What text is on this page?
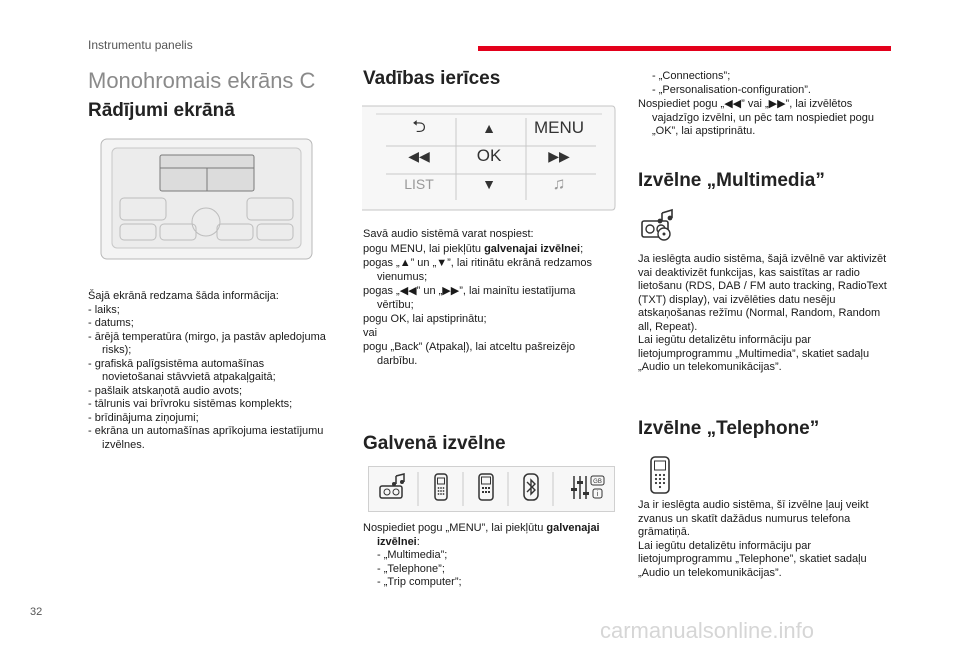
Instrumentu panelis
Monohromais ekrāns C
Rādījumi ekrānā

Šajā ekrānā redzama šāda informācija:

- laiks;

- datums;

- ārējā temperatūra (mirgo, ja pastāv apledojuma risks);

- grafiskā palīgsistēma automašīnas novietošanai stāvvietā atpakaļgaitā;

- pašlaik atskaņotā audio avots;

- tālrunis vai brīvroku sistēmas komplekts;

- brīdinājuma ziņojumi;

- ekrāna un automašīnas aprīkojuma iestatījumu izvēlnes.

Vadības ierīces
⮌	▲	MENU
◀◀	OK	▶▶
LIST	▼	♫

Savā audio sistēmā varat nospiest:

pogu MENU, lai piekļūtu galvenajai izvēlnei;

pogas „▲” un „▼”, lai ritinātu ekrānā redzamos vienumus;

pogas „◀◀” un „▶▶”, lai mainītu iestatījuma vērtību;

pogu OK, lai apstiprinātu;

vai

pogu „Back” (Atpakaļ), lai atceltu pašreizējo darbību.

Galvenā izvēlne
GB
i

Nospiediet pogu „MENU”, lai piekļūtu galvenajai izvēlnei:

- „Multimedia”;

- „Telephone”;

- „Trip computer”;

- „Connections”;

- „Personalisation-configuration”.

Nospiediet pogu „◀◀” vai „▶▶”, lai izvēlētos vajadzīgo izvēlni, un pēc tam nospiediet pogu „OK”, lai apstiprinātu.

Izvēlne „Multimedia”

Ja ieslēgta audio sistēma, šajā izvēlnē var aktivizēt vai deaktivizēt funkcijas, kas saistītas ar radio lietošanu (RDS, DAB / FM auto tracking, RadioText (TXT) display), vai izvēlēties datu nesēju atskaņošanas režīmu (Normal, Random, Random all, Repeat).

Lai iegūtu detalizētu informāciju par lietojumprogrammu „Multimedia”, skatiet sadaļu „Audio un telekomunikācijas”.

Izvēlne „Telephone”

Ja ir ieslēgta audio sistēma, šī izvēlne ļauj veikt zvanus un skatīt dažādus numurus telefona grāmatiņā.

Lai iegūtu detalizētu informāciju par lietojumprogrammu „Telephone”, skatiet sadaļu „Audio un telekomunikācijas”.

32
carmanualsonline.info
